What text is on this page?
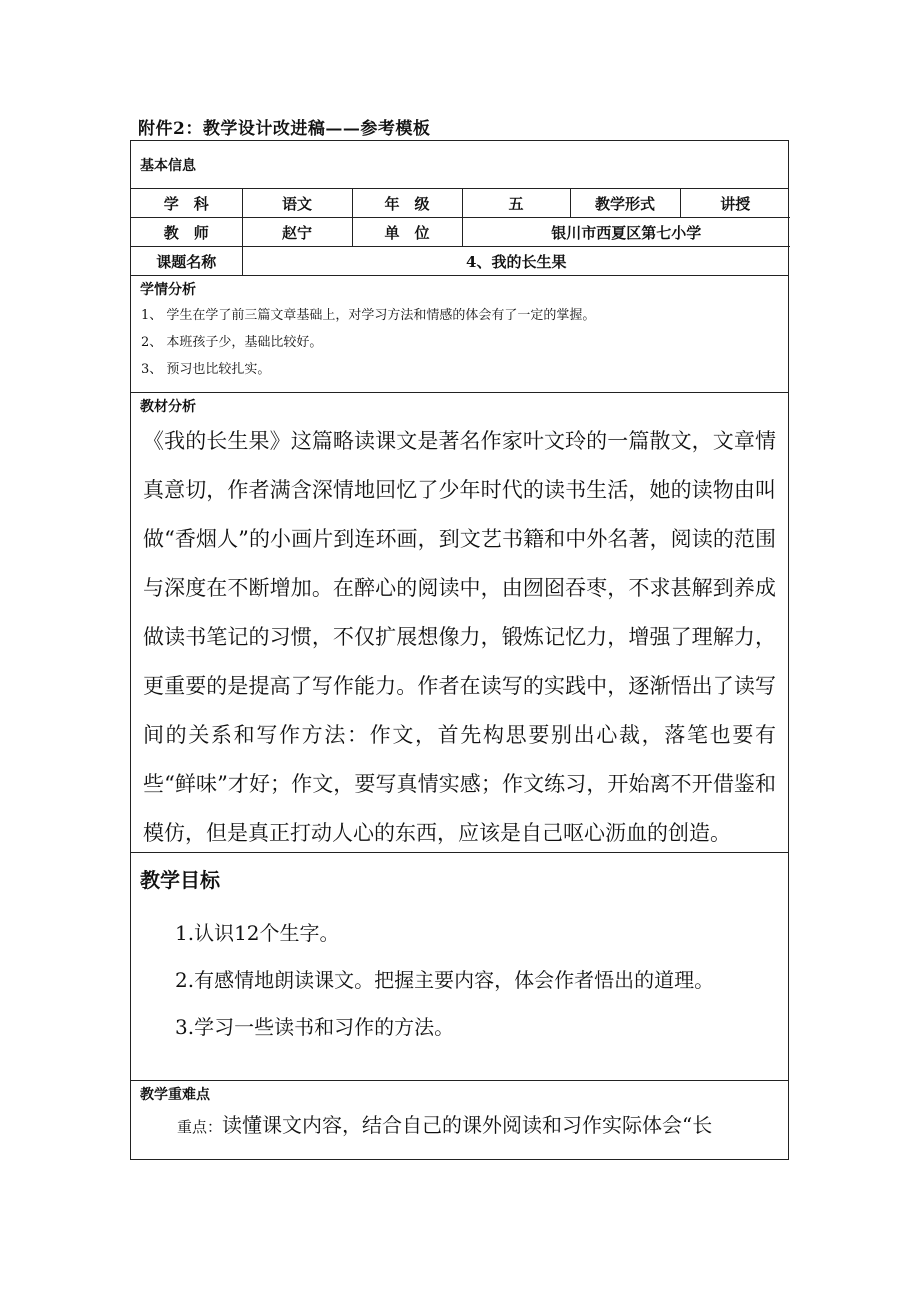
附件2：教学设计改进稿——参考模板
基本信息
学　科	语文	年　级	五	教学形式	讲授
教　师	赵宁	单　位	银川市西夏区第七小学		
课题名称	4、我的长生果				
学情分析
1、 学生在学了前三篇文章基础上，对学习方法和情感的体会有了一定的掌握。
2、 本班孩子少，基础比较好。
3、 预习也比较扎实。
教材分析
《我的长生果》这篇略读课文是著名作家叶文玲的一篇散文，文章情真意切，作者满含深情地回忆了少年时代的读书生活，她的读物由叫做“香烟人”的小画片到连环画，到文艺书籍和中外名著，阅读的范围与深度在不断增加。在醉心的阅读中，由囫囵吞枣，不求甚解到养成做读书笔记的习惯，不仅扩展想像力，锻炼记忆力，增强了理解力，更重要的是提高了写作能力。作者在读写的实践中，逐渐悟出了读写间的关系和写作方法：作文，首先构思要别出心裁，落笔也要有些“鲜味”才好；作文，要写真情实感；作文练习，开始离不开借鉴和模仿，但是真正打动人心的东西，应该是自己呕心沥血的创造。
教学目标
1.认识12个生字。
2.有感情地朗读课文。把握主要内容，体会作者悟出的道理。
3.学习一些读书和习作的方法。
教学重难点
重点：读懂课文内容，结合自己的课外阅读和习作实际体会“长
